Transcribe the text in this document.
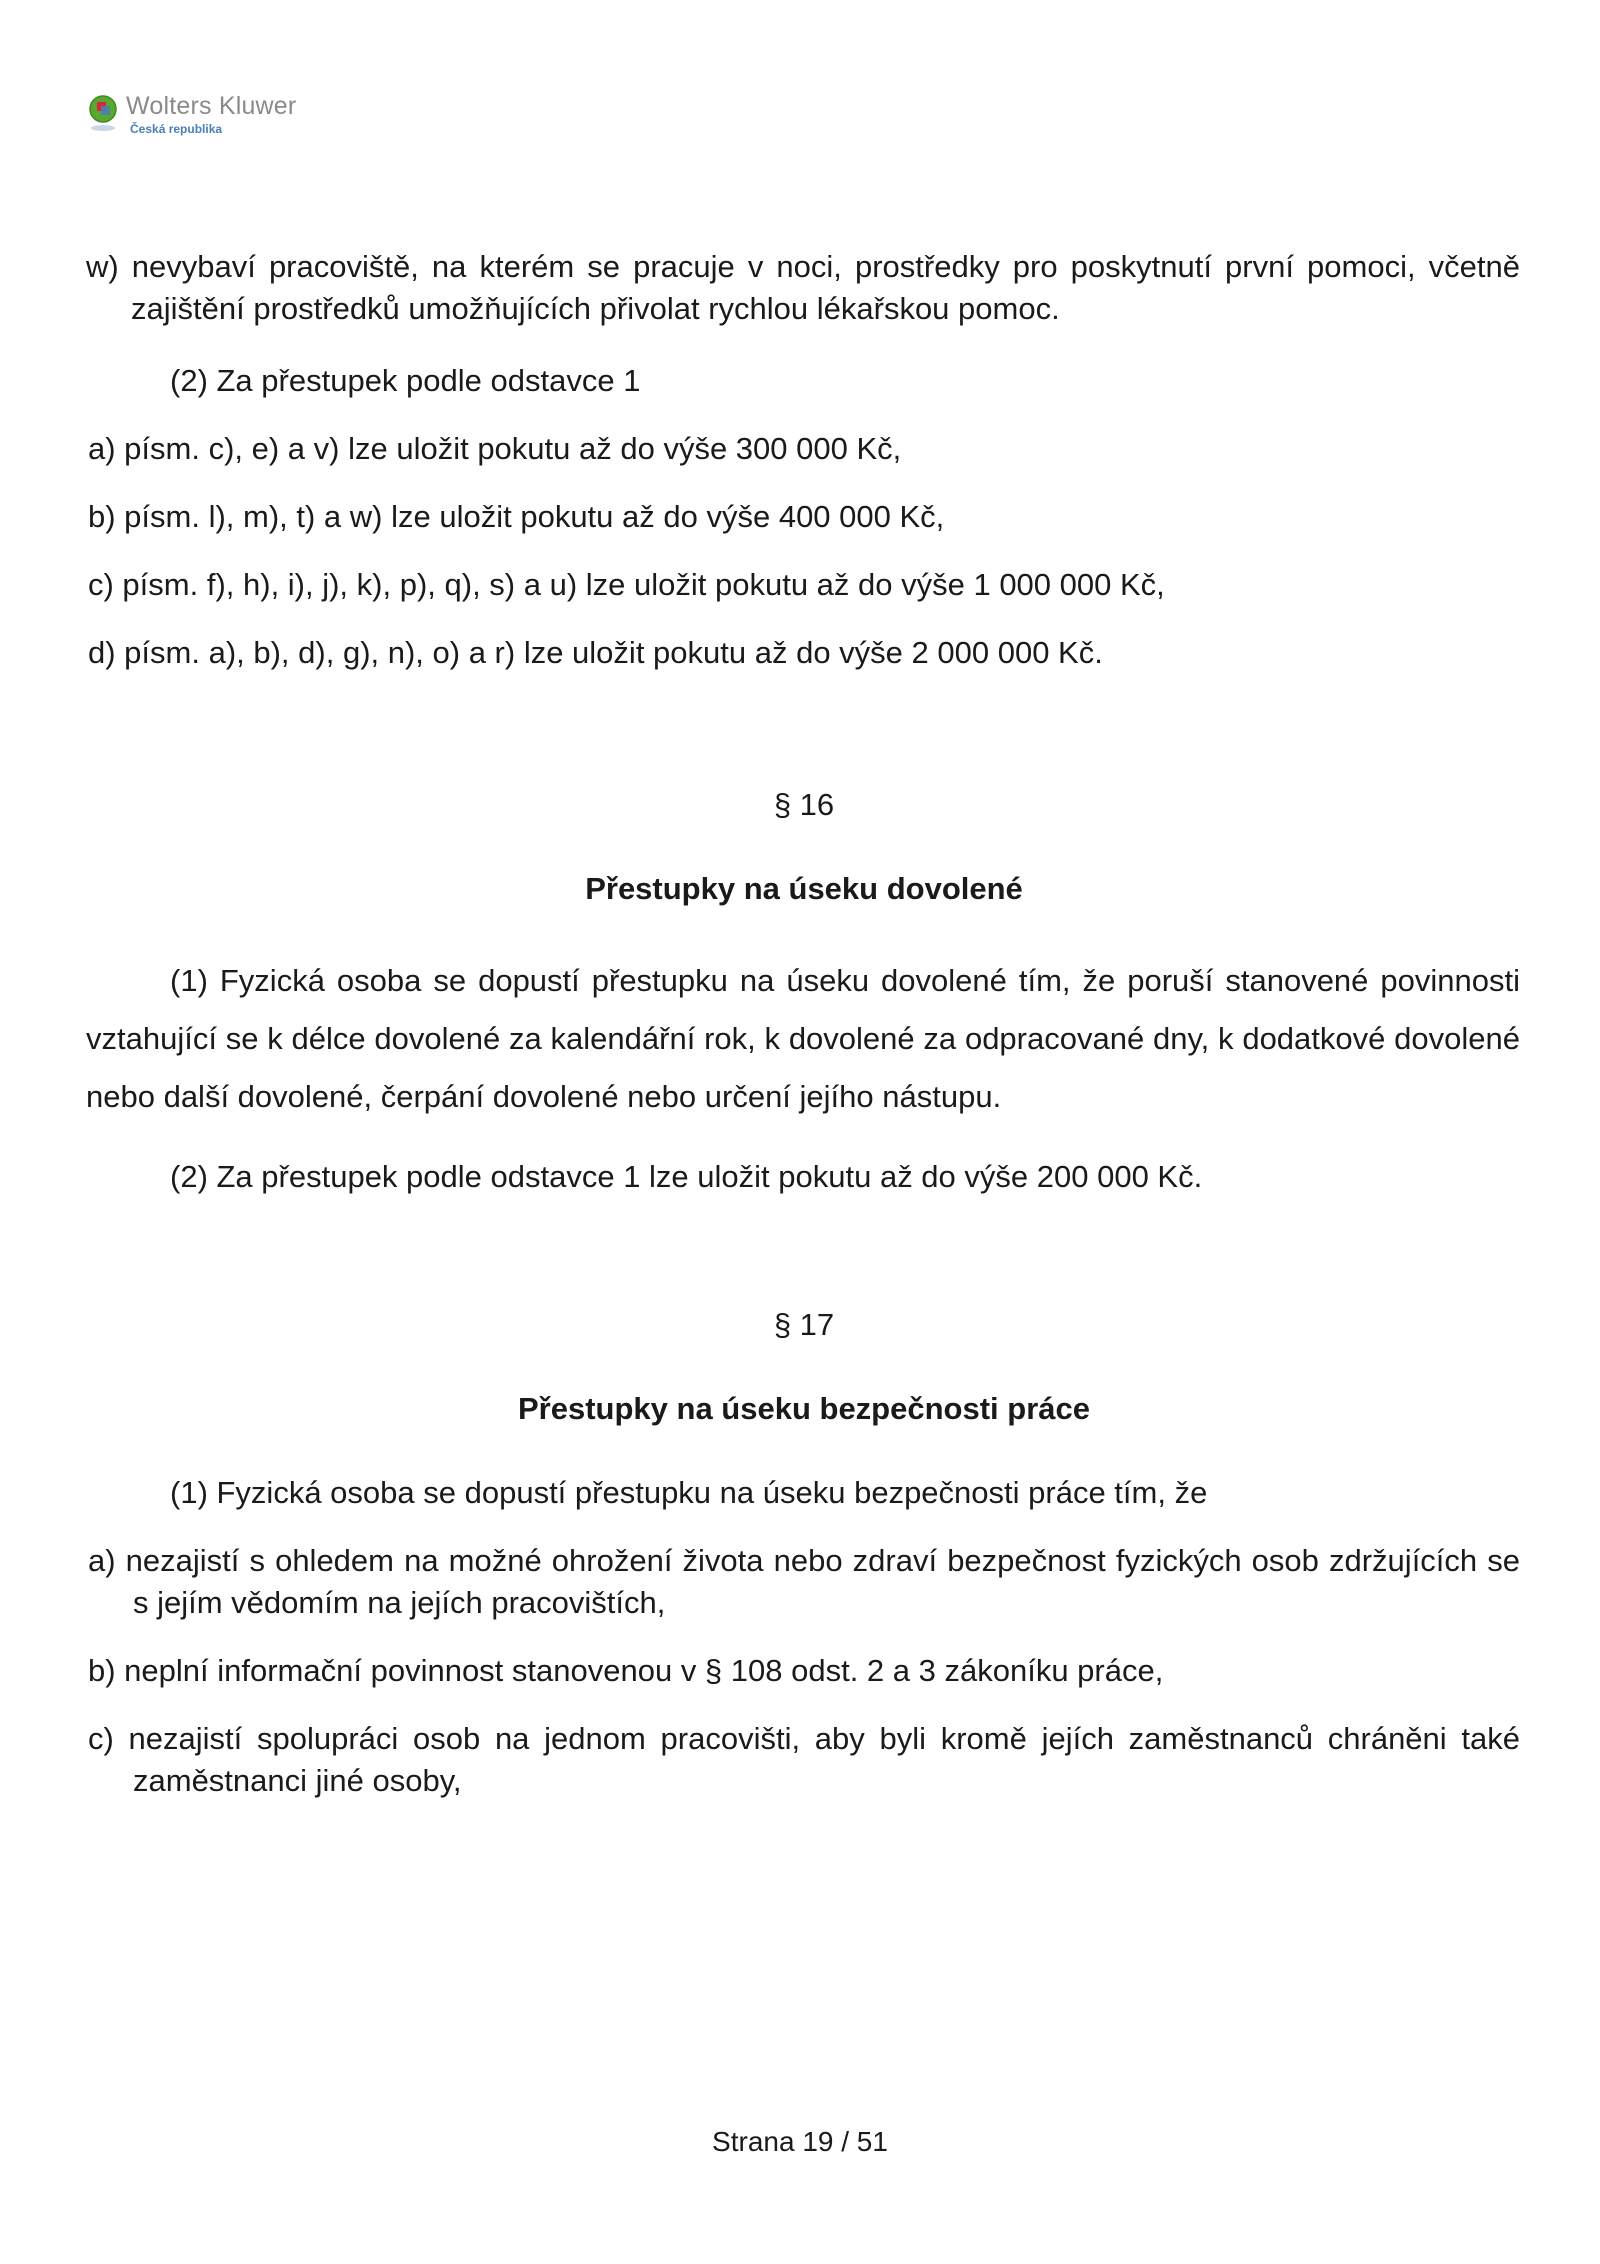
Wolters Kluwer
Česká republika

w) nevybaví pracoviště, na kterém se pracuje v noci, prostředky pro poskytnutí první pomoci, včetně zajištění prostředků umožňujících přivolat rychlou lékařskou pomoc.

(2) Za přestupek podle odstavce 1

a) písm. c), e) a v) lze uložit pokutu až do výše 300 000 Kč,

b) písm. l), m), t) a w) lze uložit pokutu až do výše 400 000 Kč,

c) písm. f), h), i), j), k), p), q), s) a u) lze uložit pokutu až do výše 1 000 000 Kč,

d) písm. a), b), d), g), n), o) a r) lze uložit pokutu až do výše 2 000 000 Kč.

§ 16

Přestupky na úseku dovolené

(1) Fyzická osoba se dopustí přestupku na úseku dovolené tím, že poruší stanovené povinnosti vztahující se k délce dovolené za kalendářní rok, k dovolené za odpracované dny, k dodatkové dovolené nebo další dovolené, čerpání dovolené nebo určení jejího nástupu.

(2) Za přestupek podle odstavce 1 lze uložit pokutu až do výše 200 000 Kč.

§ 17

Přestupky na úseku bezpečnosti práce

(1) Fyzická osoba se dopustí přestupku na úseku bezpečnosti práce tím, že

a) nezajistí s ohledem na možné ohrožení života nebo zdraví bezpečnost fyzických osob zdržujících se s jejím vědomím na jejích pracovištích,

b) neplní informační povinnost stanovenou v § 108 odst. 2 a 3 zákoníku práce,

c) nezajistí spolupráci osob na jednom pracovišti, aby byli kromě jejích zaměstnanců chráněni také zaměstnanci jiné osoby,

Strana 19 / 51
